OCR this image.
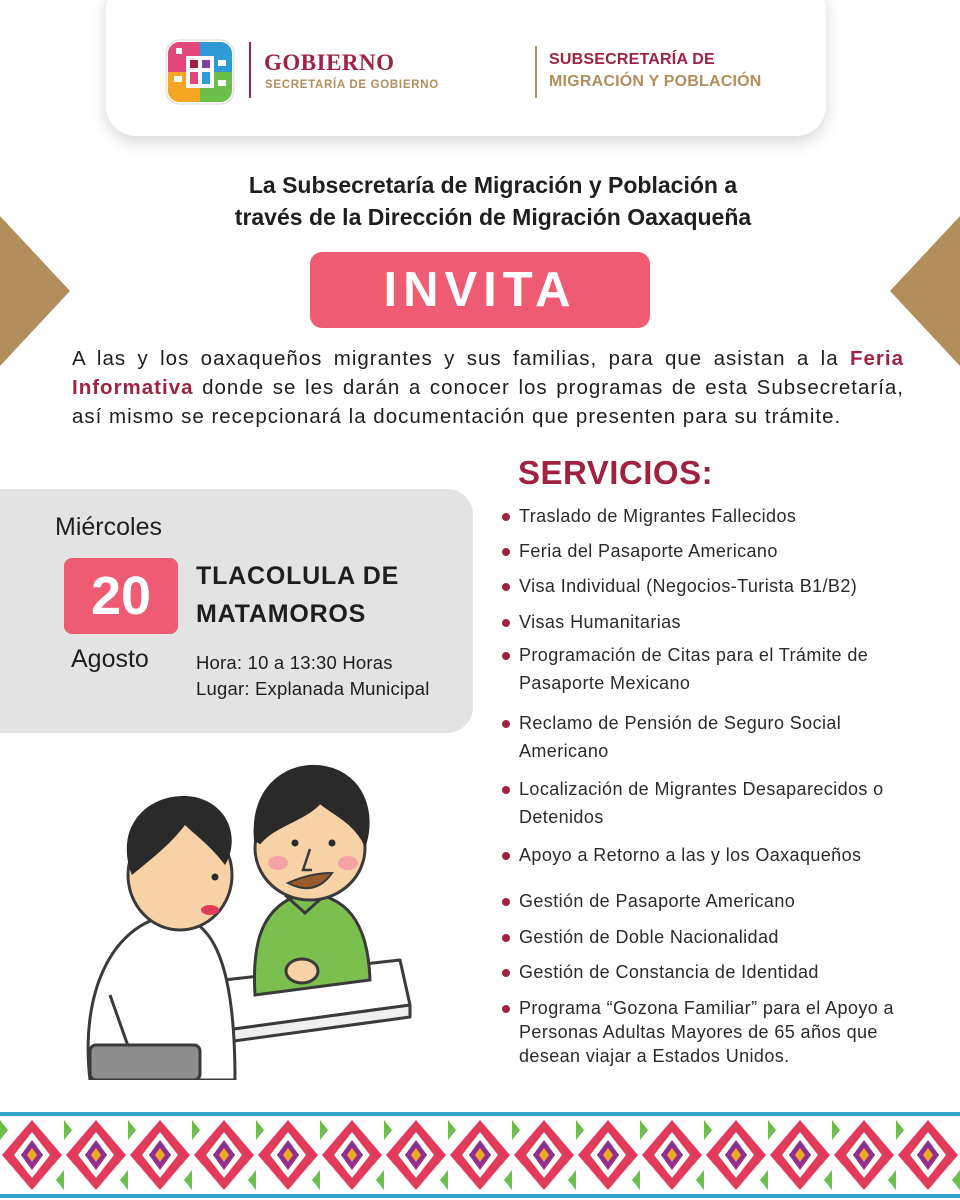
GOBIERNO
SECRETARÍA DE GOBIERNO
SUBSECRETARÍA DE
MIGRACIÓN Y POBLACIÓN
La Subsecretaría de Migración y Población a
través de la Dirección de Migración Oaxaqueña
INVITA

A las y los oaxaqueños migrantes y sus familias, para que asistan a la Feria Informativa donde se les darán a conocer los programas de esta Subsecretaría, así mismo se recepcionará la documentación que presenten para su trámite.

Miércoles
20
Agosto
TLACOLULA DE
MATAMOROS
Hora: 10 a 13:30 Horas
Lugar: Explanada Municipal
SERVICIOS:
Traslado de Migrantes Fallecidos
Feria del Pasaporte Americano
Visa Individual (Negocios-Turista B1/B2)
Visas Humanitarias
Programación de Citas para el Trámite de Pasaporte Mexicano
Reclamo de Pensión de Seguro Social Americano
Localización de Migrantes Desaparecidos o Detenidos
Apoyo a Retorno a las y los Oaxaqueños
Gestión de Pasaporte Americano
Gestión de Doble Nacionalidad
Gestión de Constancia de Identidad
Programa “Gozona Familiar” para el Apoyo a Personas Adultas Mayores de 65 años que desean viajar a Estados Unidos.
